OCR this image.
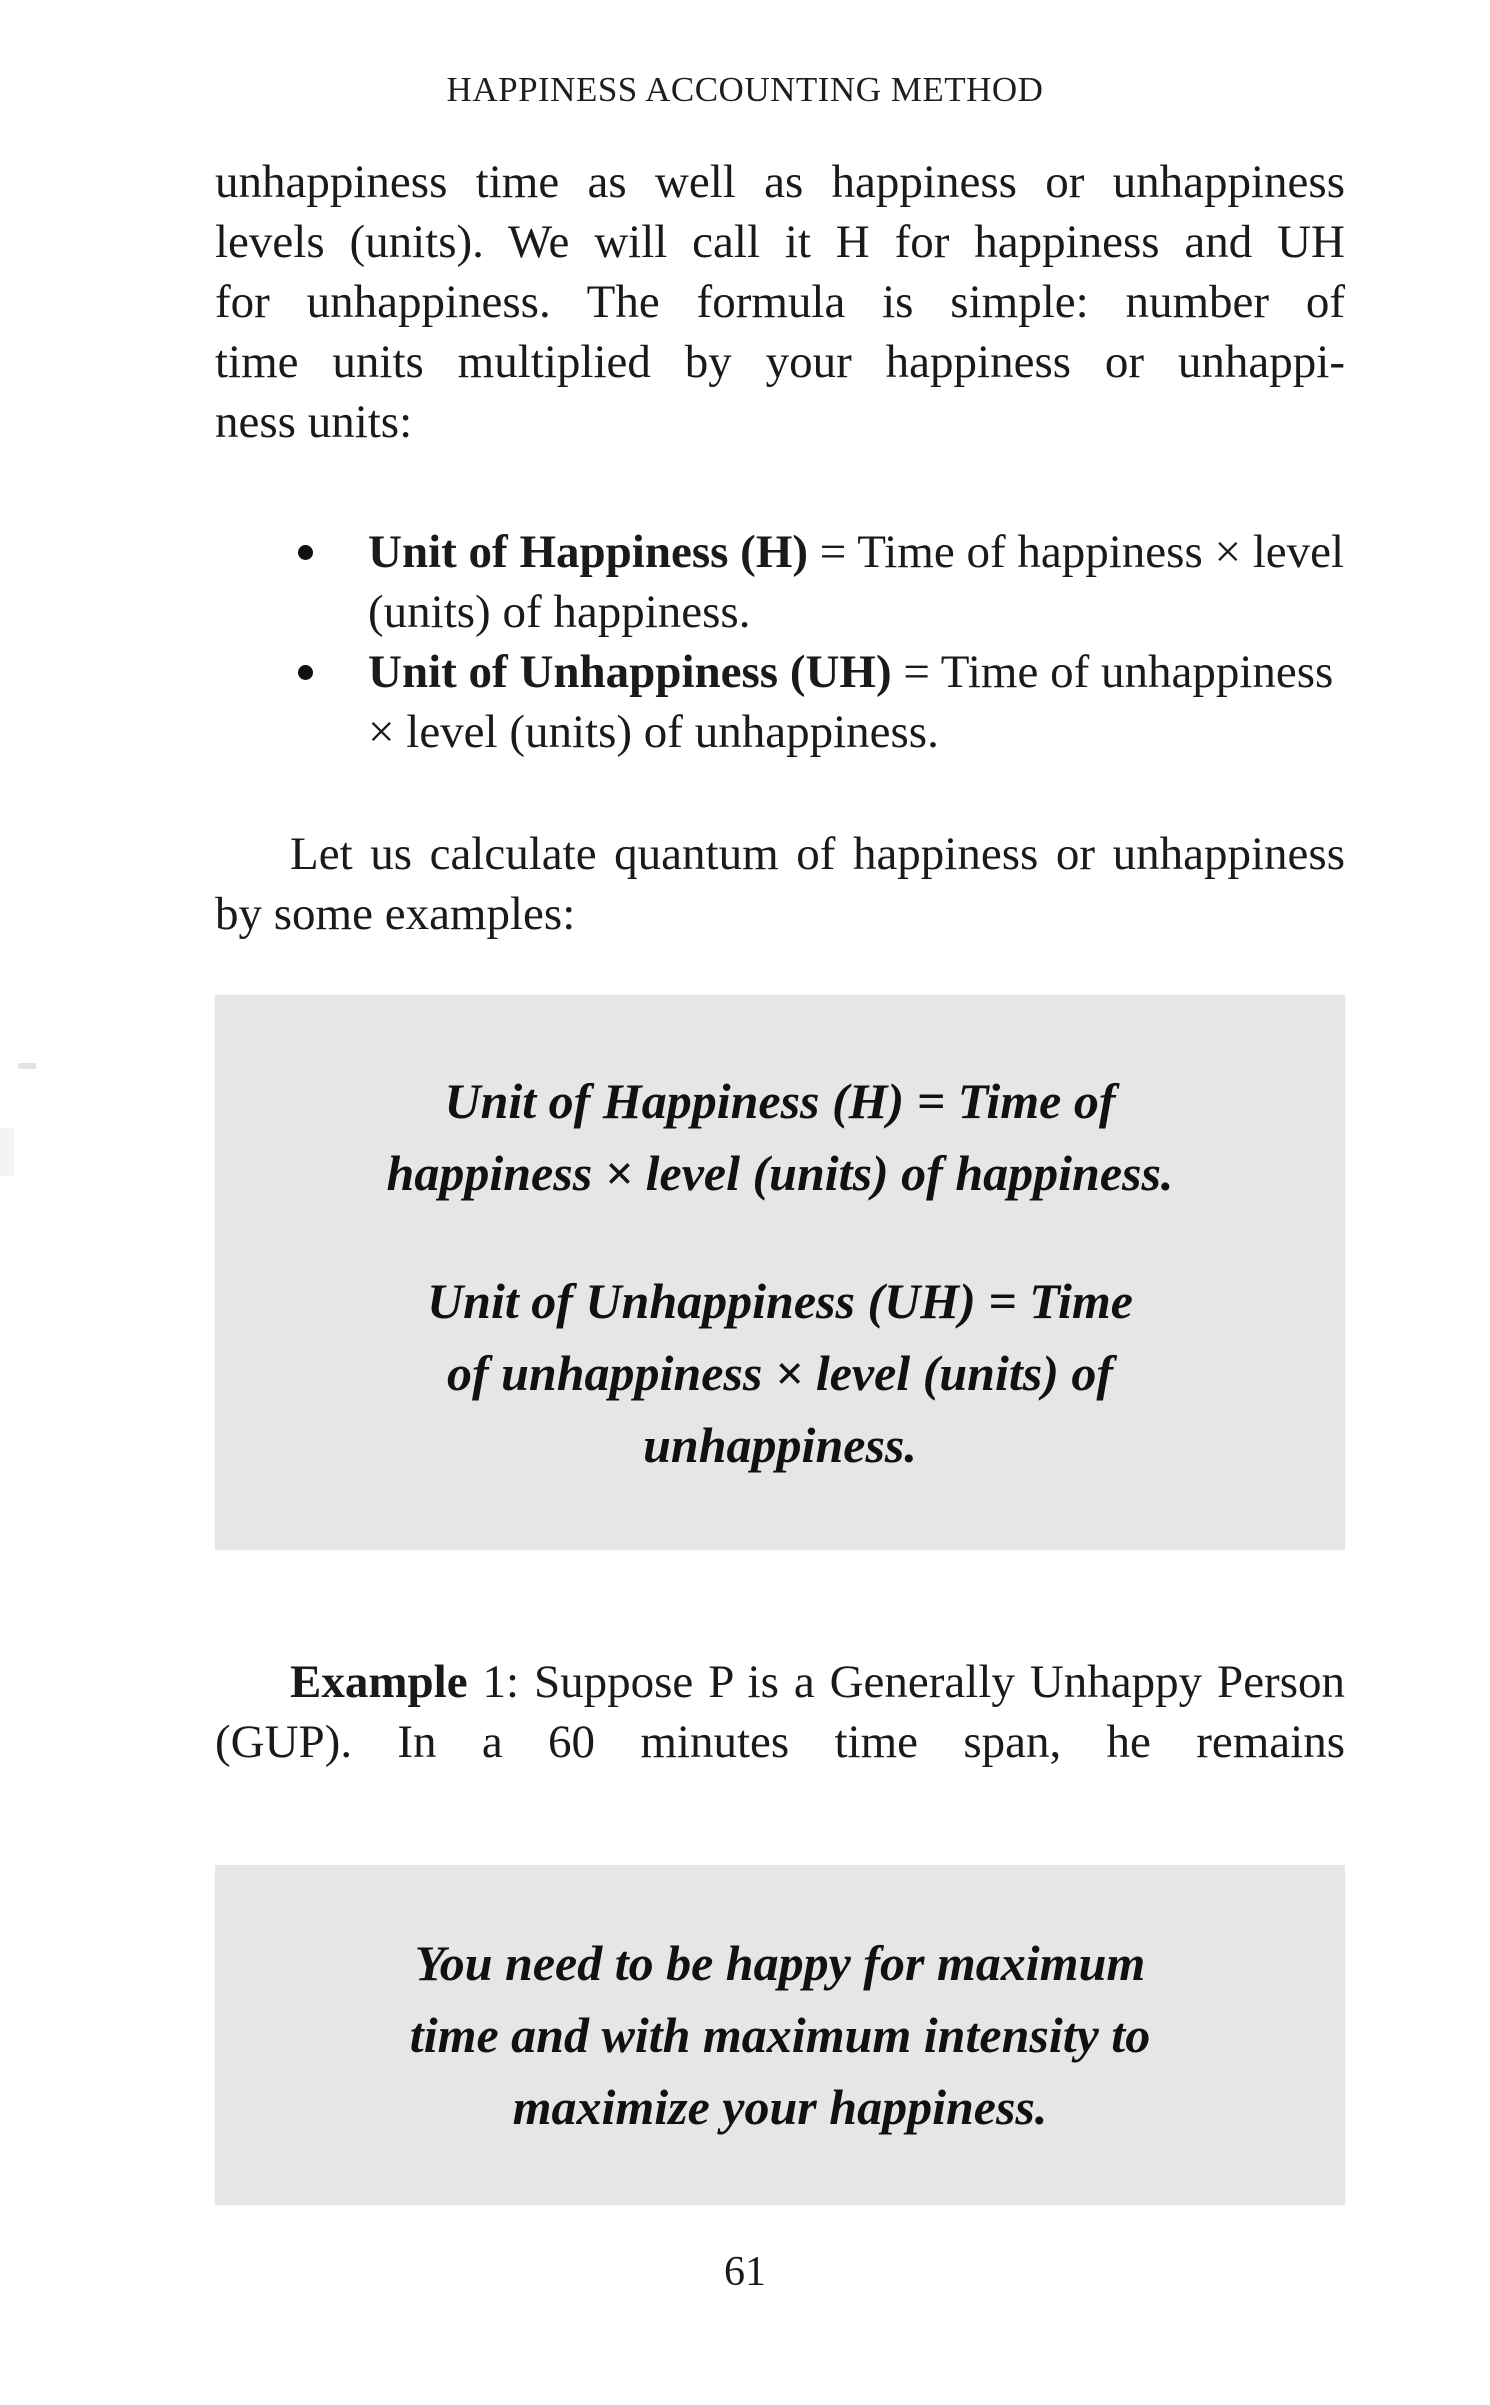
HAPPINESS ACCOUNTING METHOD

unhappiness time as well as happiness or unhappiness

levels (units). We will call it H for happiness and UH

for unhappiness. The formula is simple: number of

time units multiplied by your happiness or unhappi-

ness units:

Unit of Happiness (H) = Time of happiness × level (units) of happiness.
Unit of Unhappiness (UH) = Time of unhappiness × level (units) of unhappiness.

Let us calculate quantum of happiness or unhappiness by some examples:

Unit of Happiness (H) = Time of

happiness × level (units) of happiness.

Unit of Unhappiness (UH) = Time

of unhappiness × level (units) of

unhappiness.

Example 1: Suppose P is a Generally Unhappy Person (GUP). In a 60 minutes time span, he remains

You need to be happy for maximum

time and with maximum intensity to

maximize your happiness.

61
